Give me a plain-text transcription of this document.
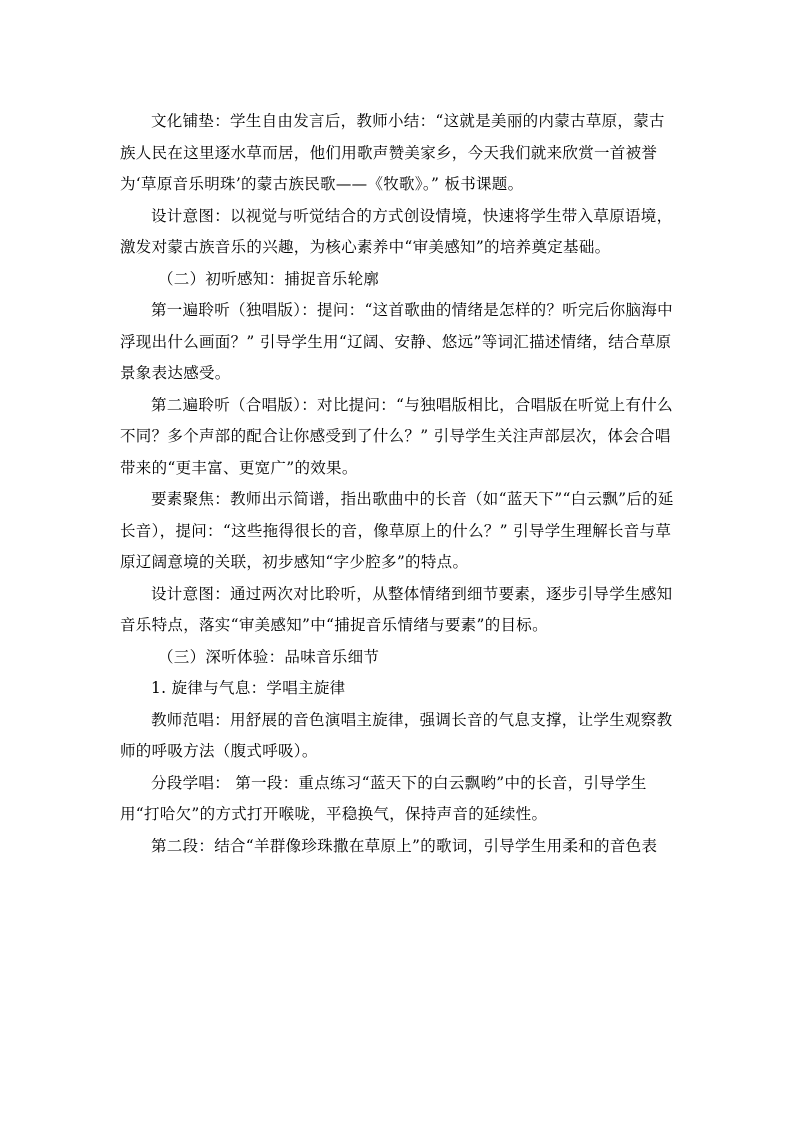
文化铺垫：学生自由发言后，教师小结：“这就是美丽的内蒙古草原，蒙古族人民在这里逐水草而居，他们用歌声赞美家乡，今天我们就来欣赏一首被誉为‘草原音乐明珠’的蒙古族民歌——《牧歌》。” 板书课题。

设计意图：以视觉与听觉结合的方式创设情境，快速将学生带入草原语境，激发对蒙古族音乐的兴趣，为核心素养中“审美感知”的培养奠定基础。

（二）初听感知：捕捉音乐轮廓

第一遍聆听（独唱版）：提问：“这首歌曲的情绪是怎样的？听完后你脑海中浮现出什么画面？” 引导学生用“辽阔、安静、悠远”等词汇描述情绪，结合草原景象表达感受。

第二遍聆听（合唱版）：对比提问：“与独唱版相比，合唱版在听觉上有什么不同？多个声部的配合让你感受到了什么？” 引导学生关注声部层次，体会合唱带来的“更丰富、更宽广”的效果。

要素聚焦：教师出示简谱，指出歌曲中的长音（如“蓝天下”“白云飘”后的延长音），提问：“这些拖得很长的音，像草原上的什么？” 引导学生理解长音与草原辽阔意境的关联，初步感知“字少腔多”的特点。

设计意图：通过两次对比聆听，从整体情绪到细节要素，逐步引导学生感知音乐特点，落实“审美感知”中“捕捉音乐情绪与要素”的目标。

（三）深听体验：品味音乐细节

1. 旋律与气息：学唱主旋律

教师范唱：用舒展的音色演唱主旋律，强调长音的气息支撑，让学生观察教师的呼吸方法（腹式呼吸）。

分段学唱： 第一段：重点练习“蓝天下的白云飘哟”中的长音，引导学生用“打哈欠”的方式打开喉咙，平稳换气，保持声音的延续性。

第二段：结合“羊群像珍珠撒在草原上”的歌词，引导学生用柔和的音色表
